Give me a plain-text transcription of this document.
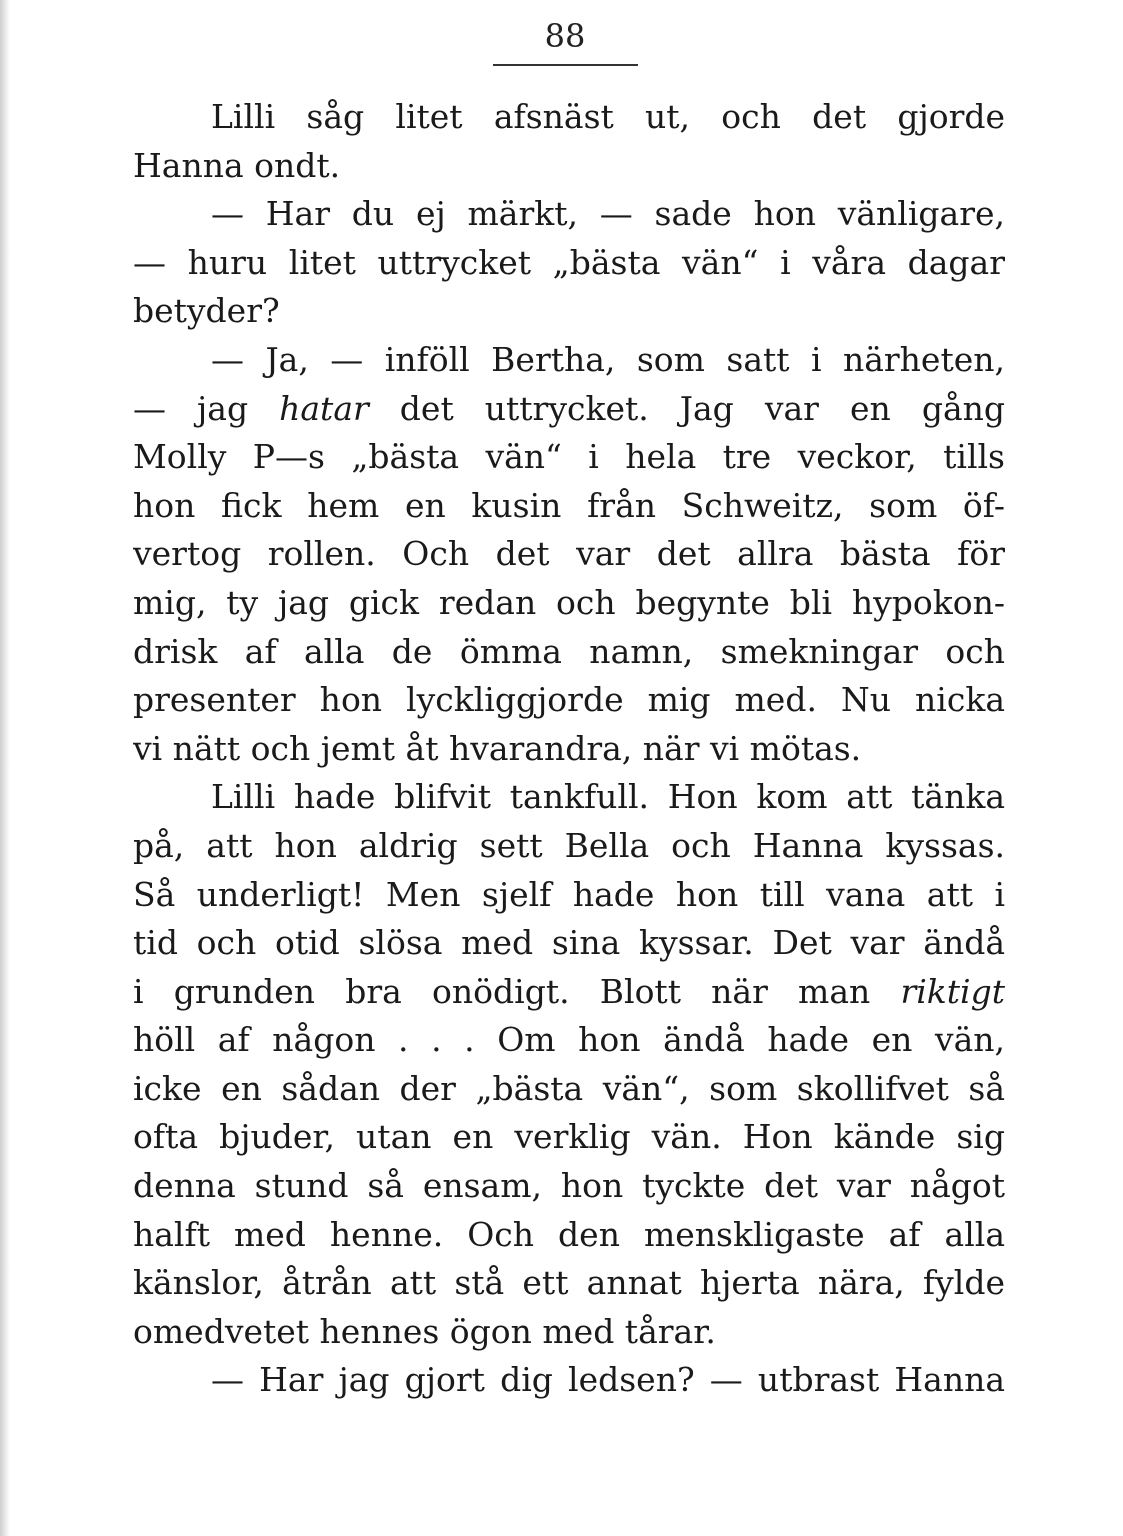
88
Lilli såg litet afsnäst ut, och det gjorde
Hanna ondt.
— Har du ej märkt, — sade hon vänligare,
— huru litet uttrycket „bästa vän“ i våra dagar
betyder?
— Ja, — inföll Bertha, som satt i närheten,
— jag hatar det uttrycket. Jag var en gång
Molly P—s „bästa vän“ i hela tre veckor, tills
hon fick hem en kusin från Schweitz, som öf-
vertog rollen. Och det var det allra bästa för
mig, ty jag gick redan och begynte bli hypokon-
drisk af alla de ömma namn, smekningar och
presenter hon lyckliggjorde mig med. Nu nicka
vi nätt och jemt åt hvarandra, när vi mötas.
Lilli hade blifvit tankfull. Hon kom att tänka
på, att hon aldrig sett Bella och Hanna kyssas.
Så underligt! Men sjelf hade hon till vana att i
tid och otid slösa med sina kyssar. Det var ändå
i grunden bra onödigt. Blott när man riktigt
höll af någon . . . Om hon ändå hade en vän,
icke en sådan der „bästa vän“, som skollifvet så
ofta bjuder, utan en verklig vän. Hon kände sig
denna stund så ensam, hon tyckte det var något
halft med henne. Och den menskligaste af alla
känslor, åtrån att stå ett annat hjerta nära, fylde
omedvetet hennes ögon med tårar.
— Har jag gjort dig ledsen? — utbrast Hanna
